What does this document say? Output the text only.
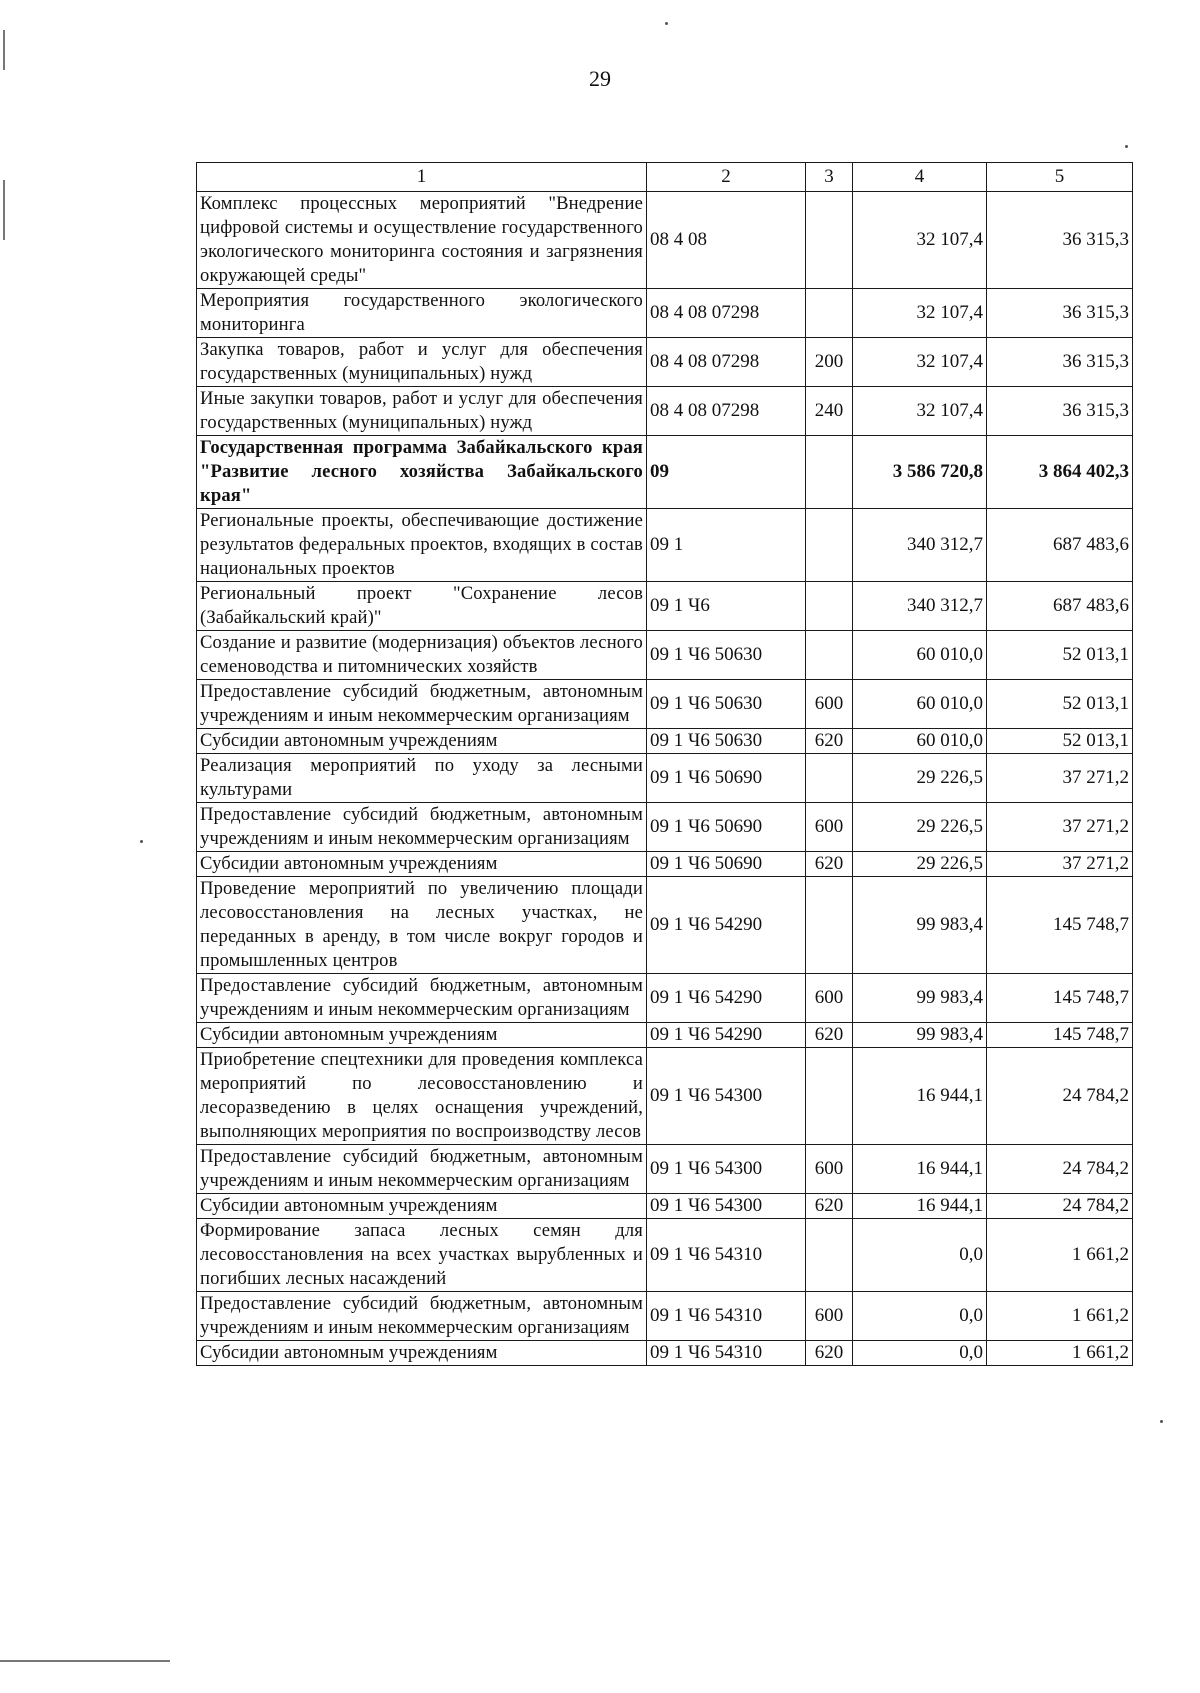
29
1	2	3	4	5
Комплекс процессных мероприятий "Внедрение цифровой системы и осуществление государственного экологического мониторинга состояния и загрязнения окружающей среды"	08 4 08		32 107,4	36 315,3
Мероприятия государственного экологического мониторинга	08 4 08 07298		32 107,4	36 315,3
Закупка товаров, работ и услуг для обеспечения государственных (муниципальных) нужд	08 4 08 07298	200	32 107,4	36 315,3
Иные закупки товаров, работ и услуг для обеспечения государственных (муниципальных) нужд	08 4 08 07298	240	32 107,4	36 315,3
Государственная программа Забайкальского края "Развитие лесного хозяйства Забайкальского края"	09		3 586 720,8	3 864 402,3
Региональные проекты, обеспечивающие достижение результатов федеральных проектов, входящих в состав национальных проектов	09 1		340 312,7	687 483,6
Региональный проект "Сохранение лесов (Забайкальский край)"	09 1 Ч6		340 312,7	687 483,6
Создание и развитие (модернизация) объектов лесного семеноводства и питомнических хозяйств	09 1 Ч6 50630		60 010,0	52 013,1
Предоставление субсидий бюджетным, автономным учреждениям и иным некоммерческим организациям	09 1 Ч6 50630	600	60 010,0	52 013,1
Субсидии автономным учреждениям	09 1 Ч6 50630	620	60 010,0	52 013,1
Реализация мероприятий по уходу за лесными культурами	09 1 Ч6 50690		29 226,5	37 271,2
Предоставление субсидий бюджетным, автономным учреждениям и иным некоммерческим организациям	09 1 Ч6 50690	600	29 226,5	37 271,2
Субсидии автономным учреждениям	09 1 Ч6 50690	620	29 226,5	37 271,2
Проведение мероприятий по увеличению площади лесовосстановления на лесных участках, не переданных в аренду, в том числе вокруг городов и промышленных центров	09 1 Ч6 54290		99 983,4	145 748,7
Предоставление субсидий бюджетным, автономным учреждениям и иным некоммерческим организациям	09 1 Ч6 54290	600	99 983,4	145 748,7
Субсидии автономным учреждениям	09 1 Ч6 54290	620	99 983,4	145 748,7
Приобретение спецтехники для проведения комплекса мероприятий по лесовосстановлению и лесоразведению в целях оснащения учреждений, выполняющих мероприятия по воспроизводству лесов	09 1 Ч6 54300		16 944,1	24 784,2
Предоставление субсидий бюджетным, автономным учреждениям и иным некоммерческим организациям	09 1 Ч6 54300	600	16 944,1	24 784,2
Субсидии автономным учреждениям	09 1 Ч6 54300	620	16 944,1	24 784,2
Формирование запаса лесных семян для лесовосстановления на всех участках вырубленных и погибших лесных насаждений	09 1 Ч6 54310		0,0	1 661,2
Предоставление субсидий бюджетным, автономным учреждениям и иным некоммерческим организациям	09 1 Ч6 54310	600	0,0	1 661,2
Субсидии автономным учреждениям	09 1 Ч6 54310	620	0,0	1 661,2
